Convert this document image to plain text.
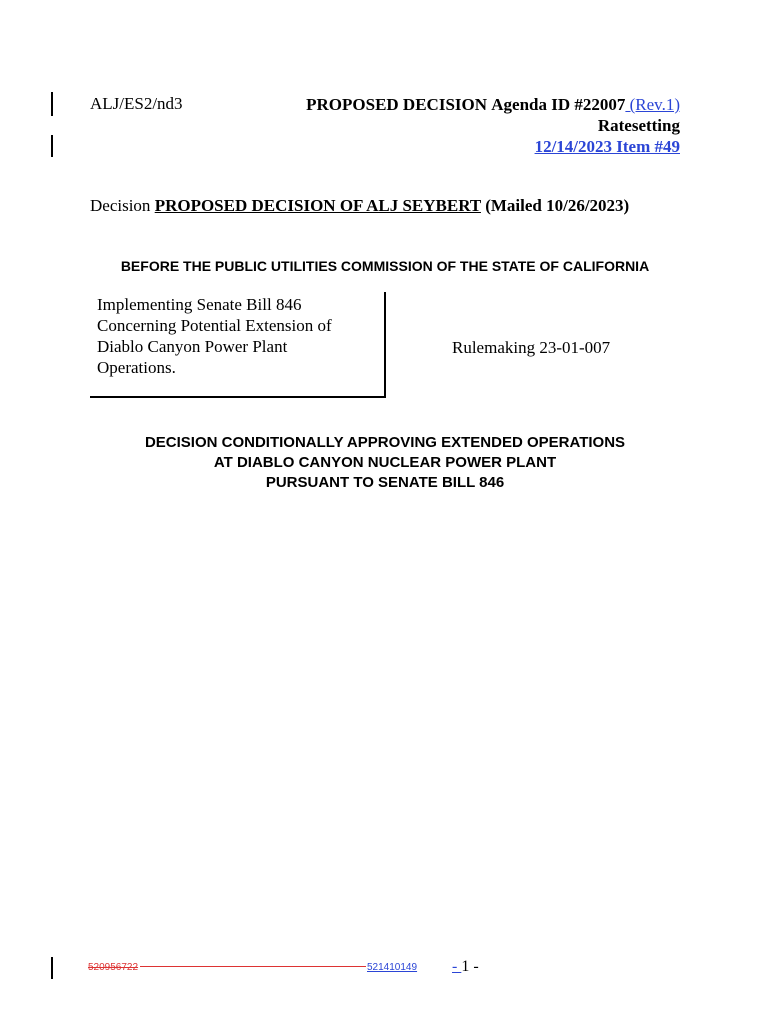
ALJ/ES2/nd3	PROPOSED DECISION Agenda ID #22007 (Rev.1)
Ratesetting
12/14/2023 Item #49
Decision PROPOSED DECISION OF ALJ SEYBERT (Mailed 10/26/2023)
BEFORE THE PUBLIC UTILITIES COMMISSION OF THE STATE OF CALIFORNIA
Implementing Senate Bill 846
Concerning Potential Extension of
Diablo Canyon Power Plant
Operations.
Rulemaking 23-01-007
DECISION CONDITIONALLY APPROVING EXTENDED OPERATIONS
AT DIABLO CANYON NUCLEAR POWER PLANT
PURSUANT TO SENATE BILL 846
520956722	521410149 - 1 -
